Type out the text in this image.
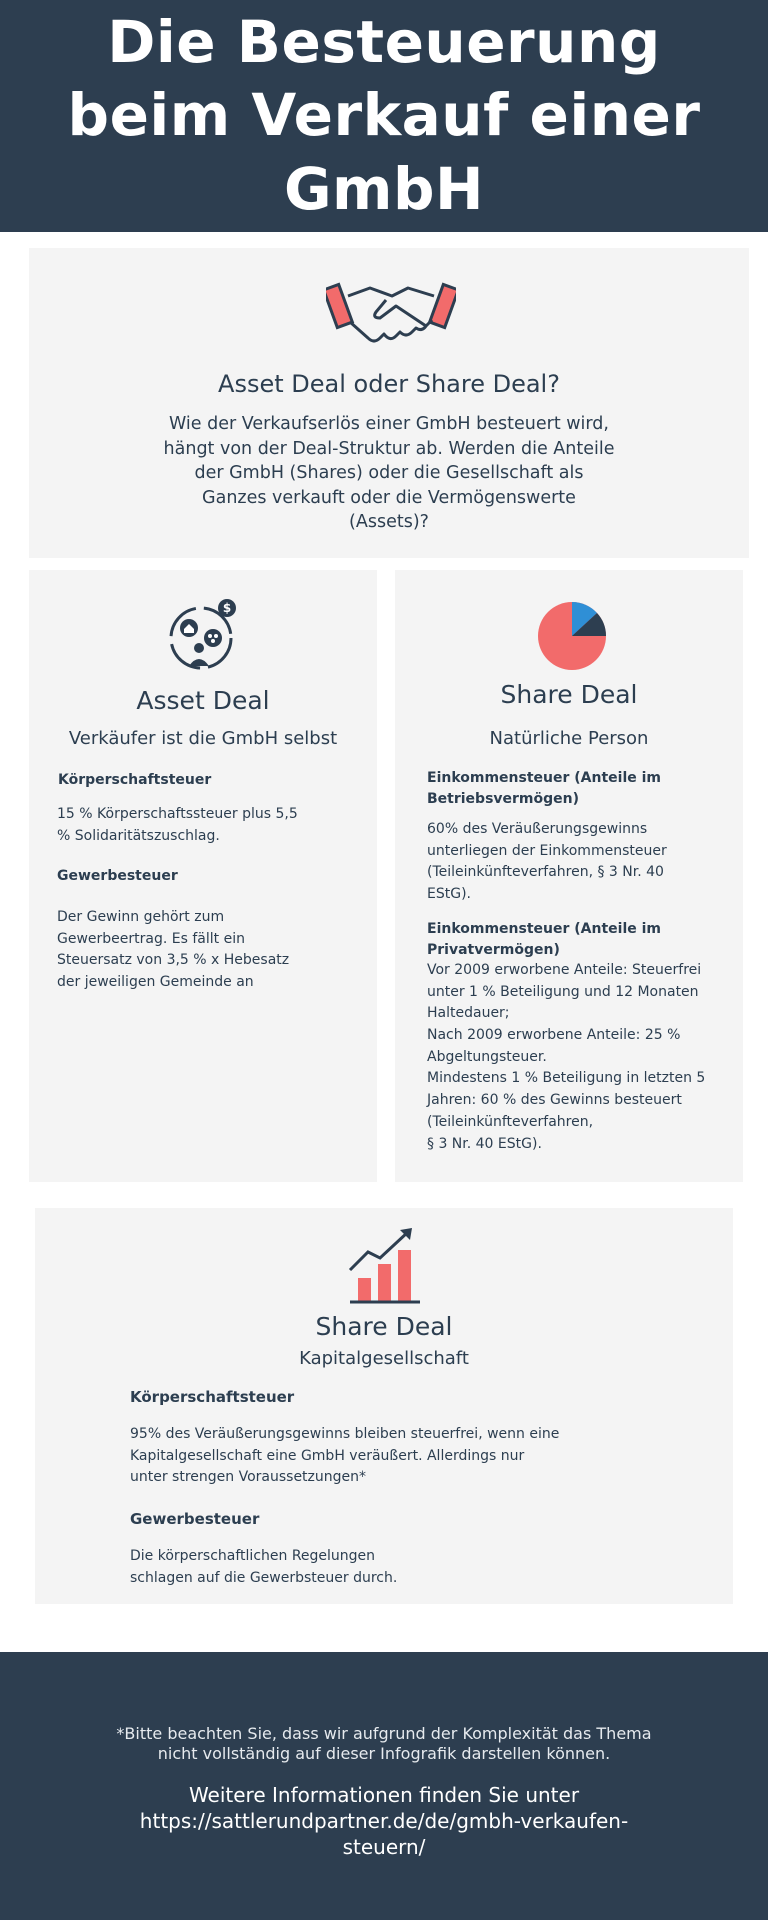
Die Besteuerung beim Verkauf einer GmbH
Asset Deal oder Share Deal?
Wie der Verkaufserlös einer GmbH besteuert wird,
hängt von der Deal-Struktur ab. Werden die Anteile
der GmbH (Shares) oder die Gesellschaft als
Ganzes verkauft oder die Vermögenswerte
(Assets)?
$
Asset Deal
Verkäufer ist die GmbH selbst
Körperschaftsteuer
15 % Körperschaftssteuer plus 5,5
% Solidaritätszuschlag.
Gewerbesteuer
Der Gewinn gehört zum
Gewerbeertrag. Es fällt ein
Steuersatz von 3,5 % x Hebesatz
der jeweiligen Gemeinde an
Share Deal
Natürliche Person
Einkommensteuer (Anteile im
Betriebsvermögen)
60% des Veräußerungsgewinns
unterliegen der Einkommensteuer
(Teileinkünfteverfahren, § 3 Nr. 40
EStG).
Einkommensteuer (Anteile im
Privatvermögen)
Vor 2009 erworbene Anteile: Steuerfrei
unter 1 % Beteiligung und 12 Monaten
Haltedauer;
Nach 2009 erworbene Anteile: 25 %
Abgeltungsteuer.
Mindestens 1 % Beteiligung in letzten 5
Jahren: 60 % des Gewinns besteuert
(Teileinkünfteverfahren,
§ 3 Nr. 40 EStG).
Share Deal
Kapitalgesellschaft
Körperschaftsteuer
95% des Veräußerungsgewinns bleiben steuerfrei, wenn eine
Kapitalgesellschaft eine GmbH veräußert. Allerdings nur
unter strengen Voraussetzungen*
Gewerbesteuer
Die körperschaftlichen Regelungen
schlagen auf die Gewerbsteuer durch.
*Bitte beachten Sie, dass wir aufgrund der Komplexität das Thema
nicht vollständig auf dieser Infografik darstellen können.
Weitere Informationen finden Sie unter
https://sattlerundpartner.de/de/gmbh-verkaufen-
steuern/
